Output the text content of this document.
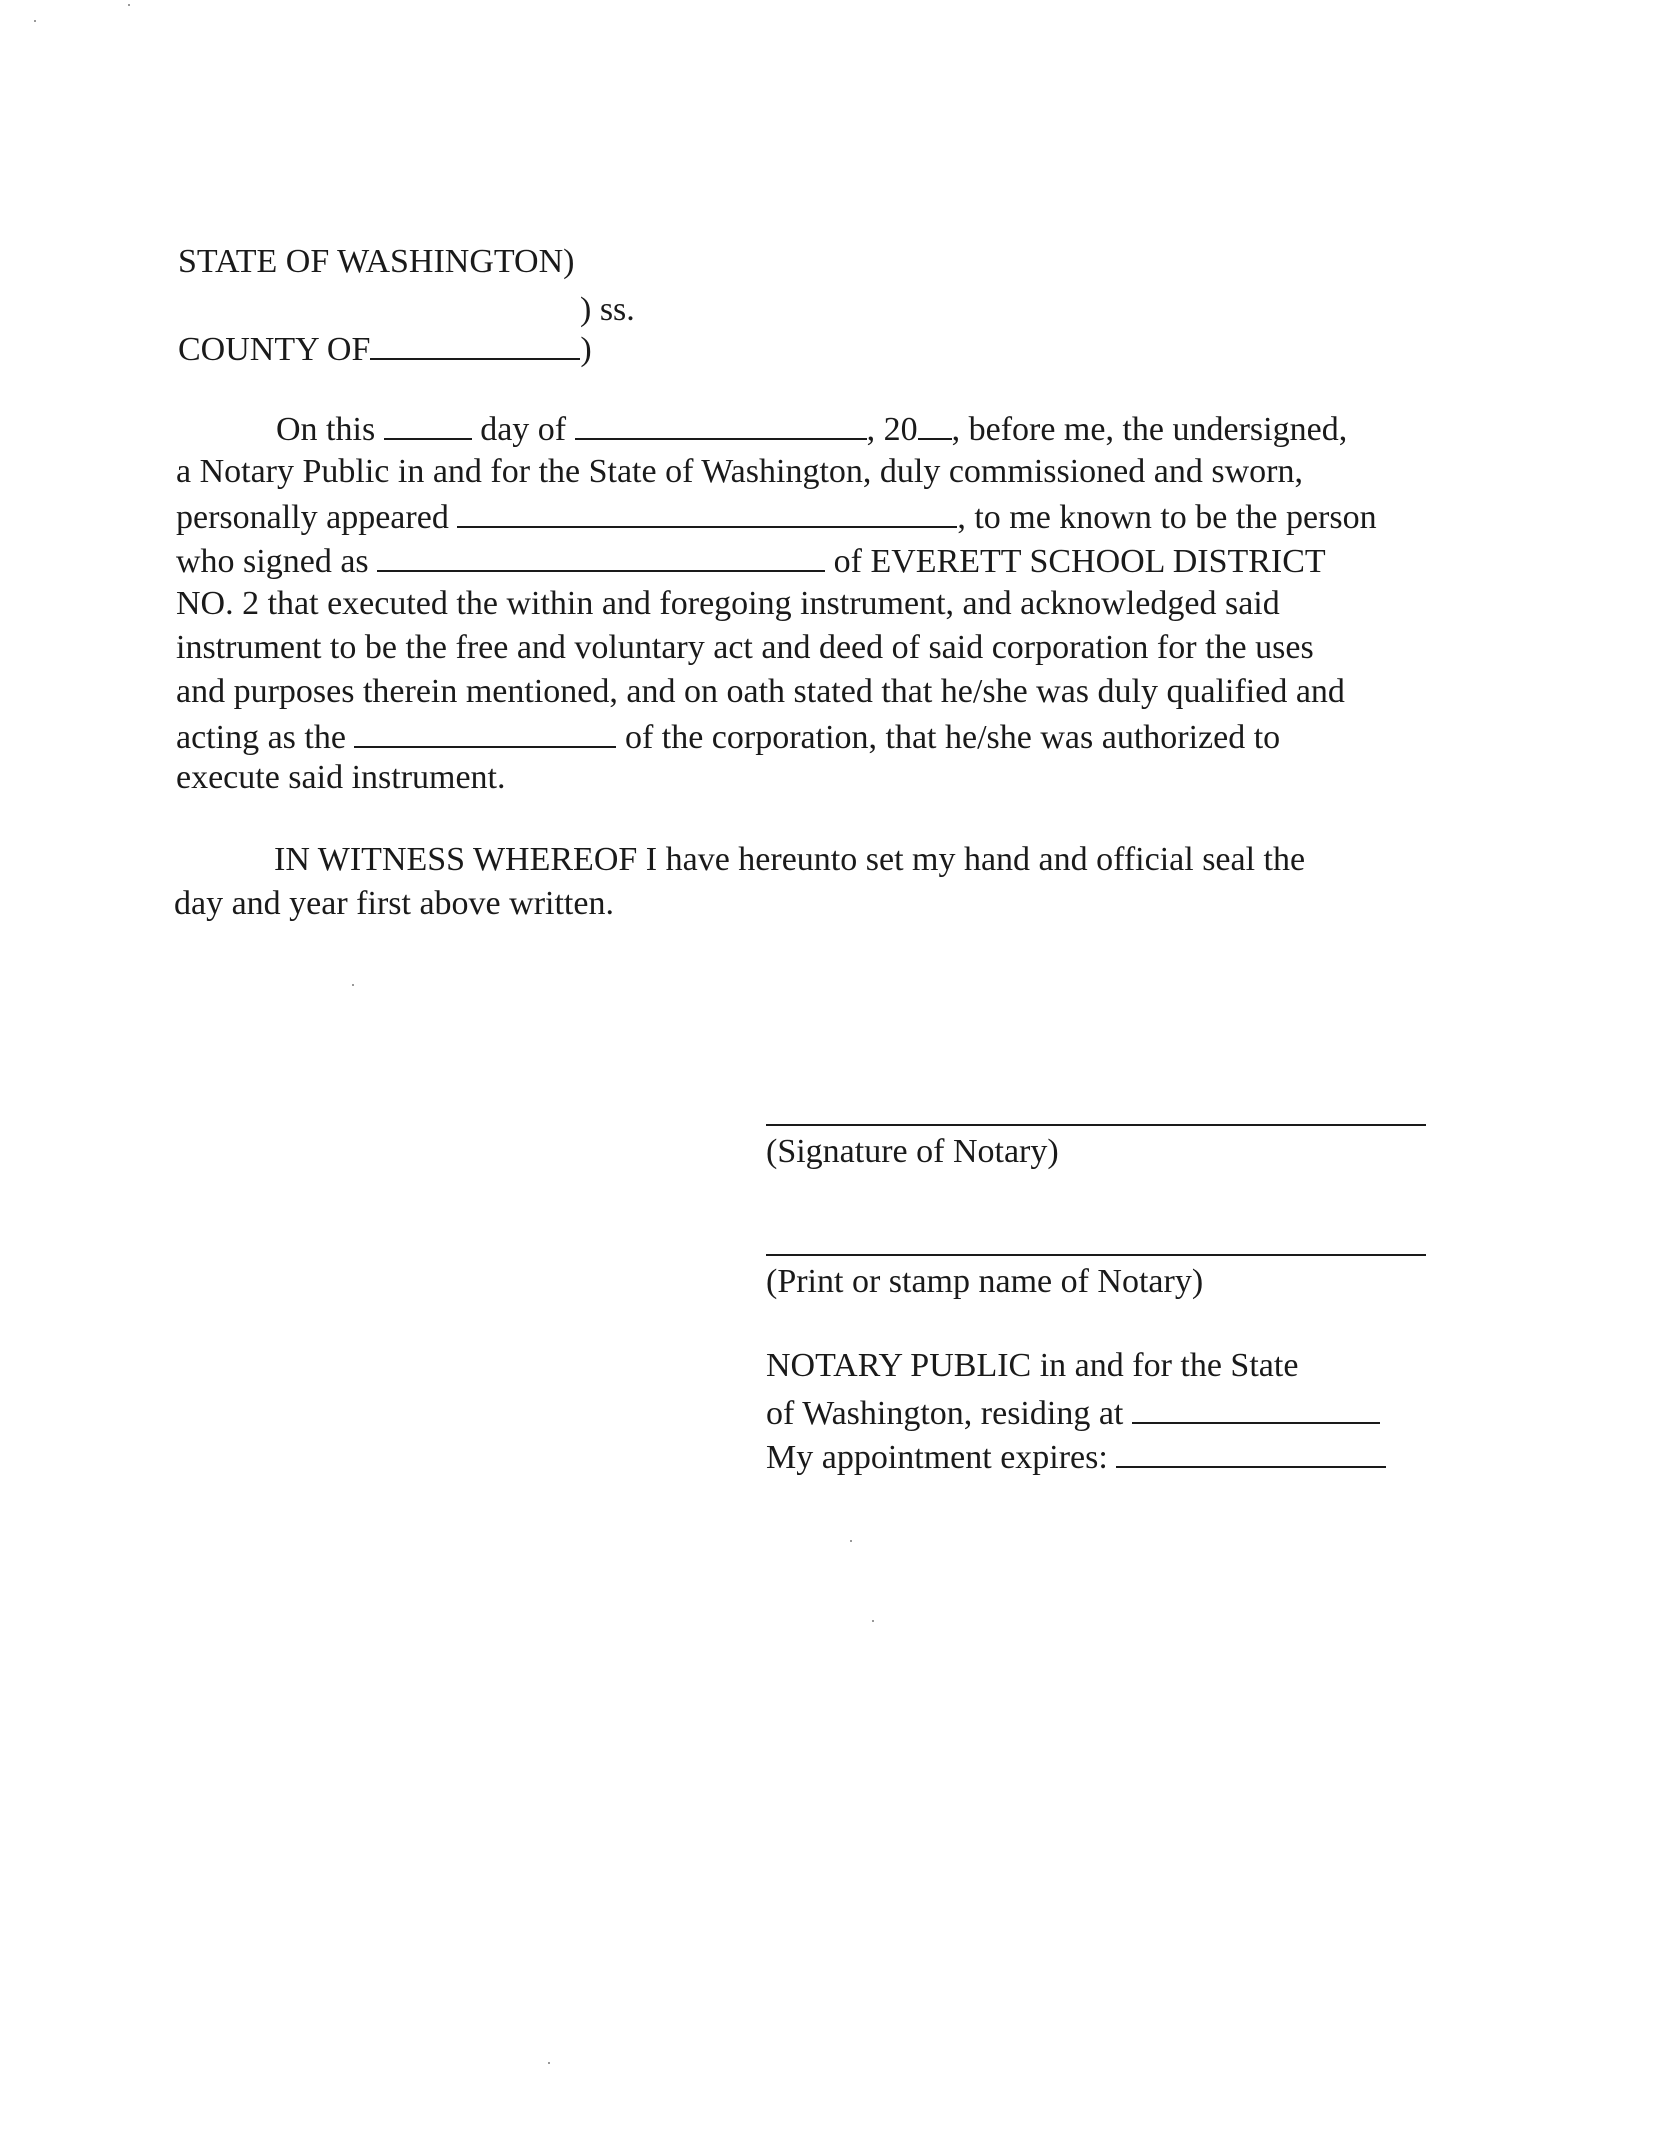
STATE OF WASHINGTON)
) ss.
COUNTY OF	)
On this	day of	, 20 , before me, the undersigned,
a Notary Public in and for the State of Washington, duly commissioned and sworn,
personally appeared	, to me known to be the person
who signed as	of EVERETT SCHOOL DISTRICT
NO. 2 that executed the within and foregoing instrument, and acknowledged said
instrument to be the free and voluntary act and deed of said corporation for the uses
and purposes therein mentioned, and on oath stated that he/she was duly qualified and
acting as the	of the corporation, that he/she was authorized to
execute said instrument.
IN WITNESS WHEREOF I have hereunto set my hand and official seal the
day and year first above written.
(Signature of Notary)
(Print or stamp name of Notary)
NOTARY PUBLIC in and for the State
of Washington, residing at
My appointment expires:
